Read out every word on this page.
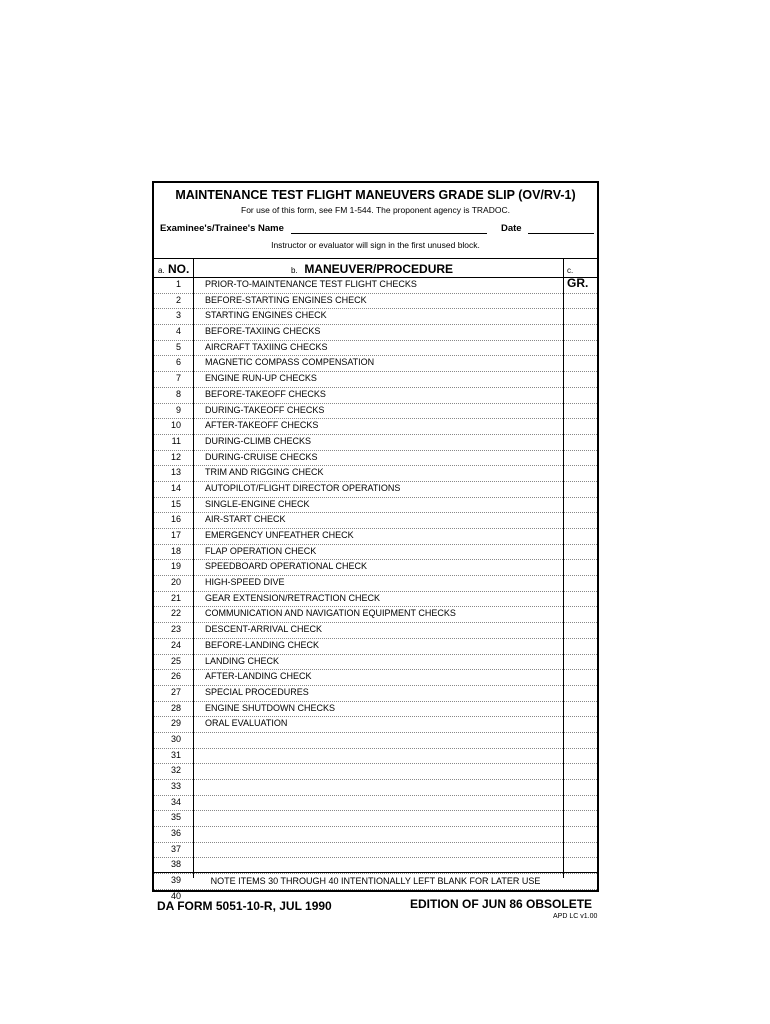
MAINTENANCE TEST FLIGHT MANEUVERS GRADE SLIP (OV/RV-1)
For use of this form, see FM 1-544. The proponent agency is TRADOC.
Examinee's/Trainee's Name	Date
Instructor or evaluator will sign in the first unused block.
a. NO.	b. MANEUVER/PROCEDURE	c. GR.
1	PRIOR-TO-MAINTENANCE TEST FLIGHT CHECKS
2	BEFORE-STARTING ENGINES CHECK
3	STARTING ENGINES CHECK
4	BEFORE-TAXIING CHECKS
5	AIRCRAFT TAXIING CHECKS
6	MAGNETIC COMPASS COMPENSATION
7	ENGINE RUN-UP CHECKS
8	BEFORE-TAKEOFF CHECKS
9	DURING-TAKEOFF CHECKS
10	AFTER-TAKEOFF CHECKS
11	DURING-CLIMB CHECKS
12	DURING-CRUISE CHECKS
13	TRIM AND RIGGING CHECK
14	AUTOPILOT/FLIGHT DIRECTOR OPERATIONS
15	SINGLE-ENGINE CHECK
16	AIR-START CHECK
17	EMERGENCY UNFEATHER CHECK
18	FLAP OPERATION CHECK
19	SPEEDBOARD OPERATIONAL CHECK
20	HIGH-SPEED DIVE
21	GEAR EXTENSION/RETRACTION CHECK
22	COMMUNICATION AND NAVIGATION EQUIPMENT CHECKS
23	DESCENT-ARRIVAL CHECK
24	BEFORE-LANDING CHECK
25	LANDING CHECK
26	AFTER-LANDING CHECK
27	SPECIAL PROCEDURES
28	ENGINE SHUTDOWN CHECKS
29	ORAL EVALUATION
30
31
32
33
34
35
36
37
38
39
40
NOTE ITEMS 30 THROUGH 40 INTENTIONALLY LEFT BLANK FOR LATER USE
DA FORM 5051-10-R, JUL 1990	EDITION OF JUN 86 OBSOLETE
APD LC v1.00
